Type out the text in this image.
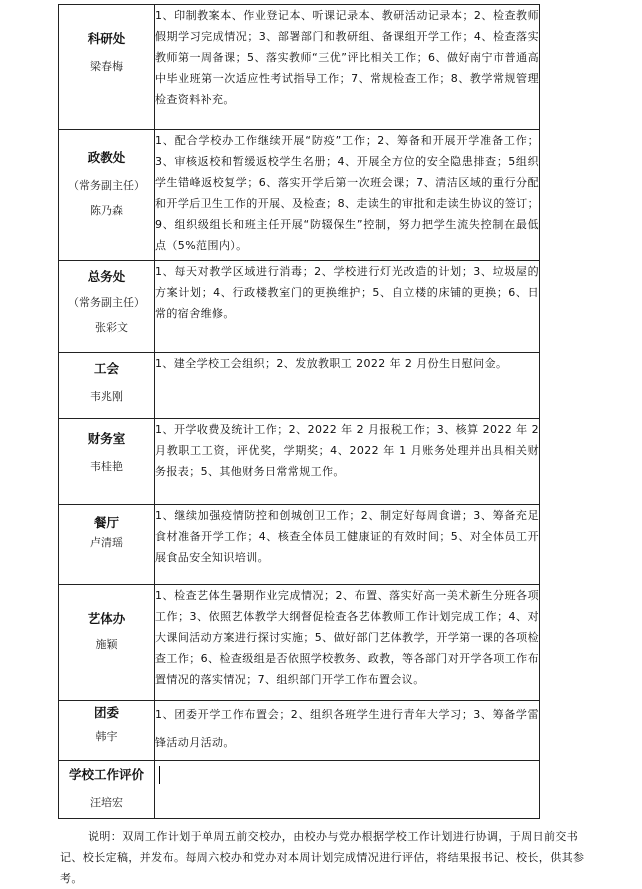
科研处
梁春梅	1、印制教案本、作业登记本、听课记录本、教研活动记录本；2、检查教师假期学习完成情况；3、部署部门和教研组、备课组开学工作；4、检查落实教师第一周备课；5、落实教师“三优”评比相关工作；6、做好南宁市普通高中毕业班第一次适应性考试指导工作；7、常规检查工作；8、教学常规管理检查资料补充。

政教处
（常务副主任）
陈乃森	1、配合学校办工作继续开展“防疫”工作；2、筹备和开展开学准备工作；3、审核返校和暂缓返校学生名册；4、开展全方位的安全隐患排查；5组织学生错峰返校复学；6、落实开学后第一次班会课；7、清洁区域的重行分配和开学后卫生工作的开展、及检查；8、走读生的审批和走读生协议的签订；9、组织级组长和班主任开展“防辍保生”控制，努力把学生流失控制在最低点（5%范围内）。

总务处
（常务副主任）
张彩文	1、每天对教学区域进行消毒；2、学校进行灯光改造的计划；3、垃圾屋的方案计划；4、行政楼教室门的更换维护；5、自立楼的床铺的更换；6、日常的宿舍维修。

工会
韦兆刚	1、建全学校工会组织；2、发放教职工 2022 年 2 月份生日慰问金。

财务室
韦桂艳	1、开学收费及统计工作；2、2022 年 2 月报税工作；3、核算 2022 年 2 月教职工工资，评优奖，学期奖；4、2022 年 1 月账务处理并出具相关财务报表；5、其他财务日常常规工作。

餐厅
卢清瑶	1、继续加强疫情防控和创城创卫工作；2、制定好每周食谱；3、筹备充足食材准备开学工作；4、核查全体员工健康证的有效时间；5、对全体员工开展食品安全知识培训。

艺体办
施颖	1、检查艺体生暑期作业完成情况；2、布置、落实好高一美术新生分班各项工作；3、依照艺体教学大纲督促检查各艺体教师工作计划完成工作；4、对大课间活动方案进行探讨实施；5、做好部门艺体教学，开学第一课的各项检查工作；6、检查级组是否依照学校教务、政教，等各部门对开学各项工作布置情况的落实情况；7、组织部门开学工作布置会议。

团委
韩宇	1、团委开学工作布置会；2、组织各班学生进行青年大学习；3、筹备学雷锋活动月活动。

学校工作评价
汪培宏	

说明：双周工作计划于单周五前交校办，由校办与党办根据学校工作计划进行协调，于周日前交书记、校长定稿，并发布。每周六校办和党办对本周计划完成情况进行评估，将结果报书记、校长，供其参考。
